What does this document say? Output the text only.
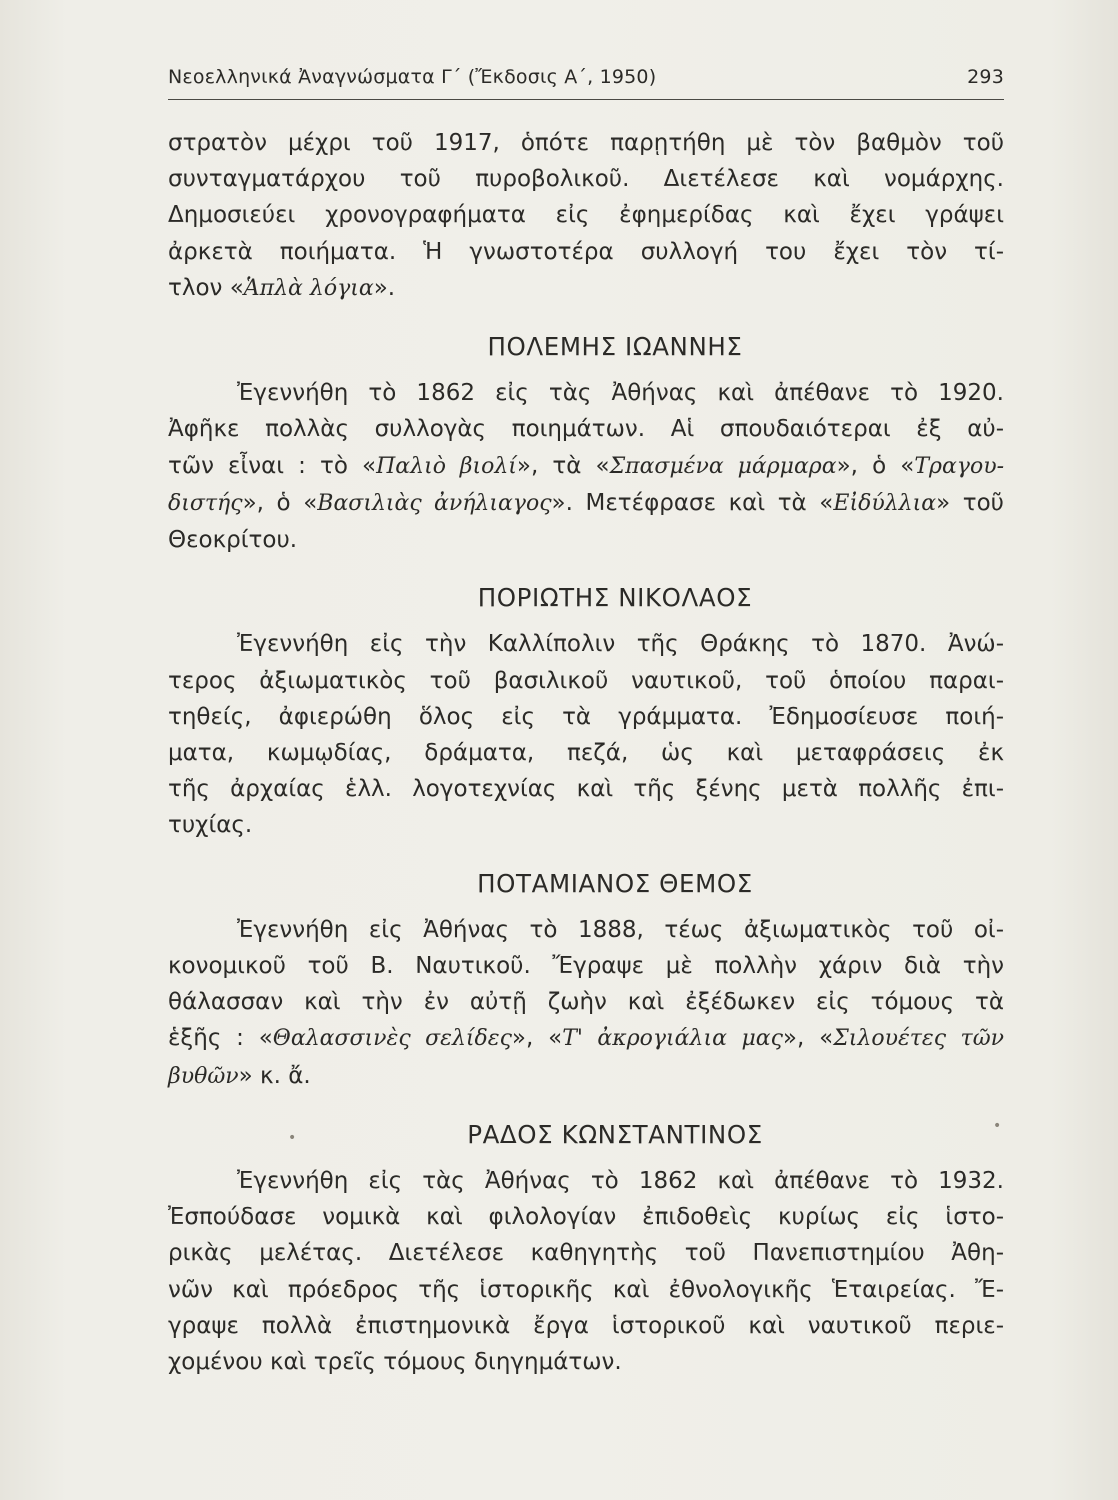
Νεοελληνικά Ἀναγνώσματα Γ΄ (Ἔκδοσις Α΄, 1950)	293
στρατὸν μέχρι τοῦ 1917, ὁπότε παρῃτήθη μὲ τὸν βαθμὸν τοῦ
συνταγματάρχου τοῦ πυροβολικοῦ. Διετέλεσε καὶ νομάρχης.
Δημοσιεύει χρονογραφήματα εἰς ἐφημερίδας καὶ ἔχει γράψει
ἀρκετὰ ποιήματα. Ἡ γνωστοτέρα συλλογή του ἔχει τὸν τί-
τλον «Ἁπλὰ λόγια».
ΠΟΛΕΜΗΣ ΙΩΑΝΝΗΣ
Ἐγεννήθη τὸ 1862 εἰς τὰς Ἀθήνας καὶ ἀπέθανε τὸ 1920.
Ἀφῆκε πολλὰς συλλογὰς ποιημάτων. Αἱ σπουδαιότεραι ἐξ αὐ-
τῶν εἶναι : τὸ «Παλιὸ βιολί», τὰ «Σπασμένα μάρμαρα», ὁ «Τραγου-
διστής», ὁ «Βασιλιὰς ἀνήλιαγος». Μετέφρασε καὶ τὰ «Εἰδύλλια» τοῦ
Θεοκρίτου.
ΠΟΡΙΩΤΗΣ ΝΙΚΟΛΑΟΣ
Ἐγεννήθη εἰς τὴν Καλλίπολιν τῆς Θράκης τὸ 1870. Ἀνώ-
τερος ἀξιωματικὸς τοῦ βασιλικοῦ ναυτικοῦ, τοῦ ὁποίου παραι-
τηθείς, ἀφιερώθη ὅλος εἰς τὰ γράμματα. Ἐδημοσίευσε ποιή-
ματα, κωμῳδίας, δράματα, πεζά, ὡς καὶ μεταφράσεις ἐκ
τῆς ἀρχαίας ἑλλ. λογοτεχνίας καὶ τῆς ξένης μετὰ πολλῆς ἐπι-
τυχίας.
ΠΟΤΑΜΙΑΝΟΣ ΘΕΜΟΣ
Ἐγεννήθη εἰς Ἀθήνας τὸ 1888, τέως ἀξιωματικὸς τοῦ οἰ-
κονομικοῦ τοῦ Β. Ναυτικοῦ. Ἔγραψε μὲ πολλὴν χάριν διὰ τὴν
θάλασσαν καὶ τὴν ἐν αὐτῇ ζωὴν καὶ ἐξέδωκεν εἰς τόμους τὰ
ἑξῆς : «Θαλασσινὲς σελίδες», «Τ' ἀκρογιάλια μας», «Σιλουέτες τῶν
βυθῶν» κ. ἄ.
ΡΑΔΟΣ ΚΩΝΣΤΑΝΤΙΝΟΣ
Ἐγεννήθη εἰς τὰς Ἀθήνας τὸ 1862 καὶ ἀπέθανε τὸ 1932.
Ἐσπούδασε νομικὰ καὶ φιλολογίαν ἐπιδοθεὶς κυρίως εἰς ἱστο-
ρικὰς μελέτας. Διετέλεσε καθηγητὴς τοῦ Πανεπιστημίου Ἀθη-
νῶν καὶ πρόεδρος τῆς ἱστορικῆς καὶ ἐθνολογικῆς Ἑταιρείας. Ἔ-
γραψε πολλὰ ἐπιστημονικὰ ἔργα ἱστορικοῦ καὶ ναυτικοῦ περιε-
χομένου καὶ τρεῖς τόμους διηγημάτων.
•
•
